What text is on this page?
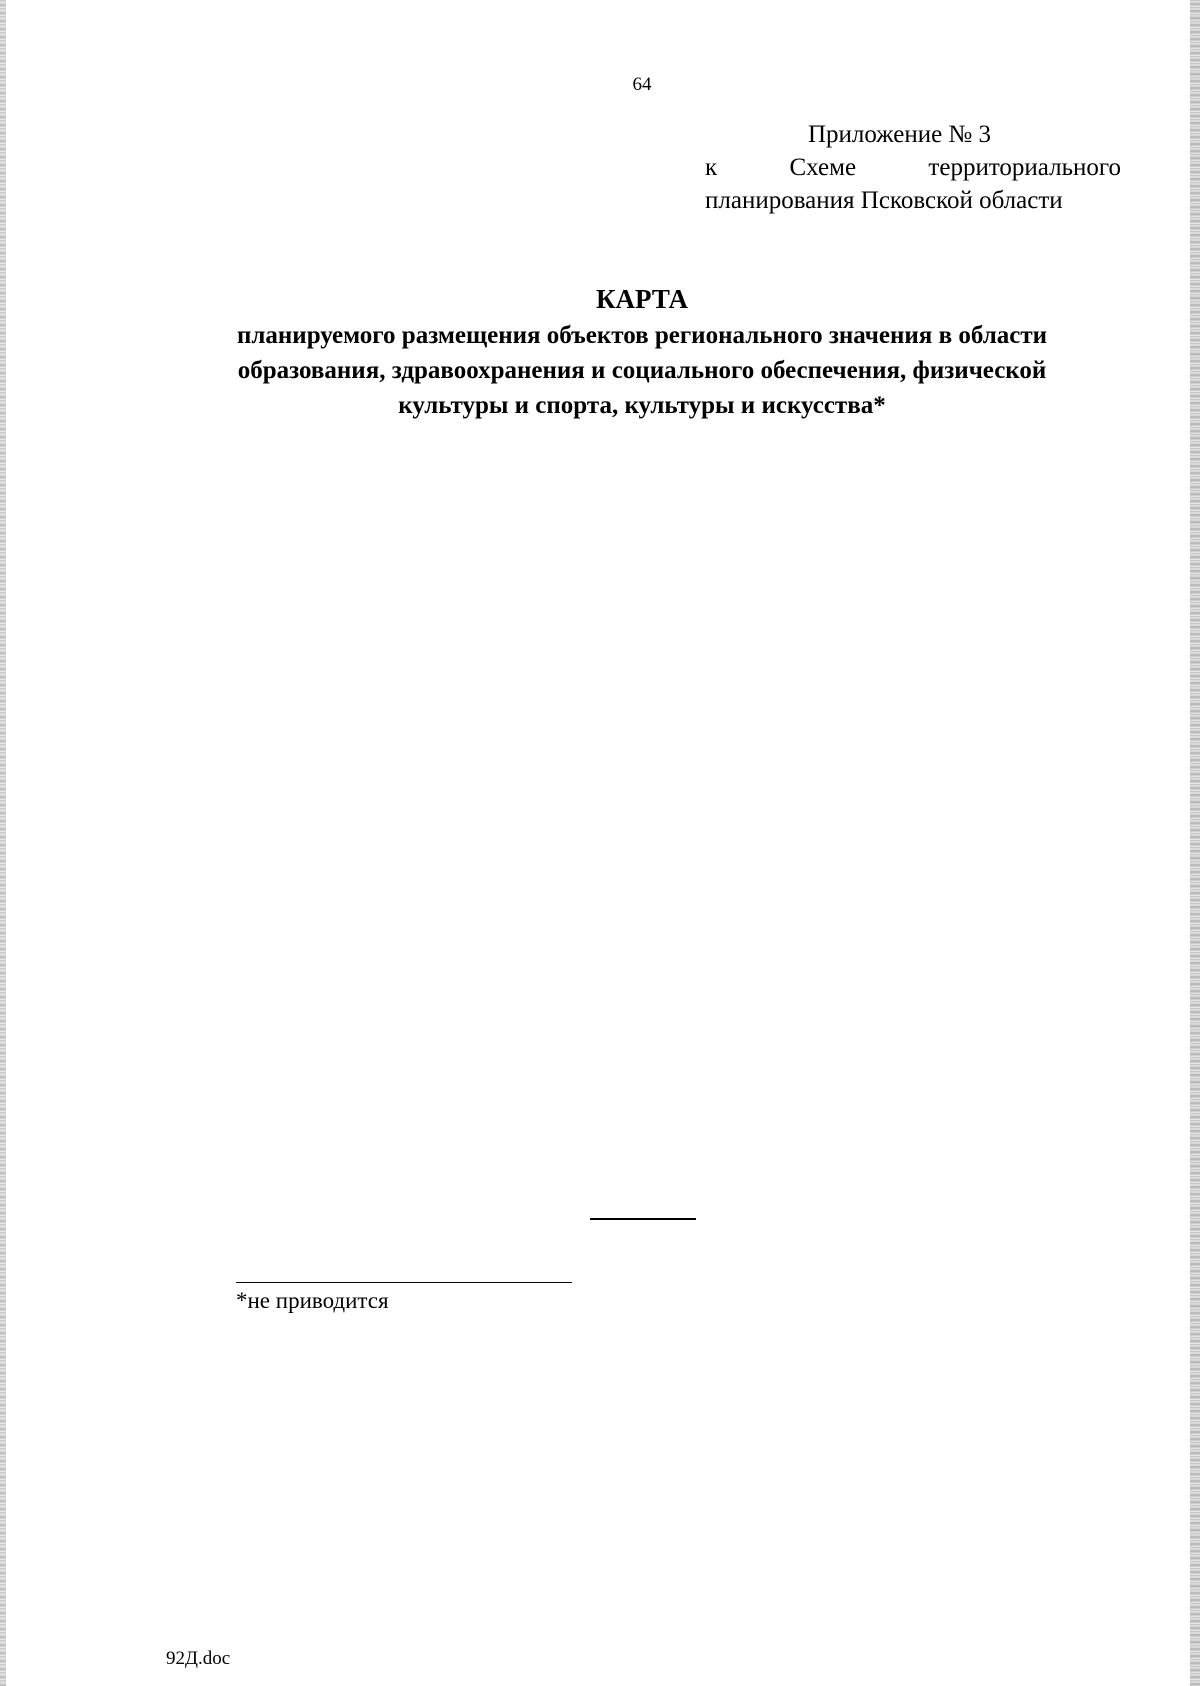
64
Приложение № 3
к	Схеме	территориального
планирования Псковской области
КАРТА
планируемого размещения объектов регионального значения в области
образования, здравоохранения и социального обеспечения, физической
культуры и спорта, культуры и искусства*
*не приводится
92Д.doc
